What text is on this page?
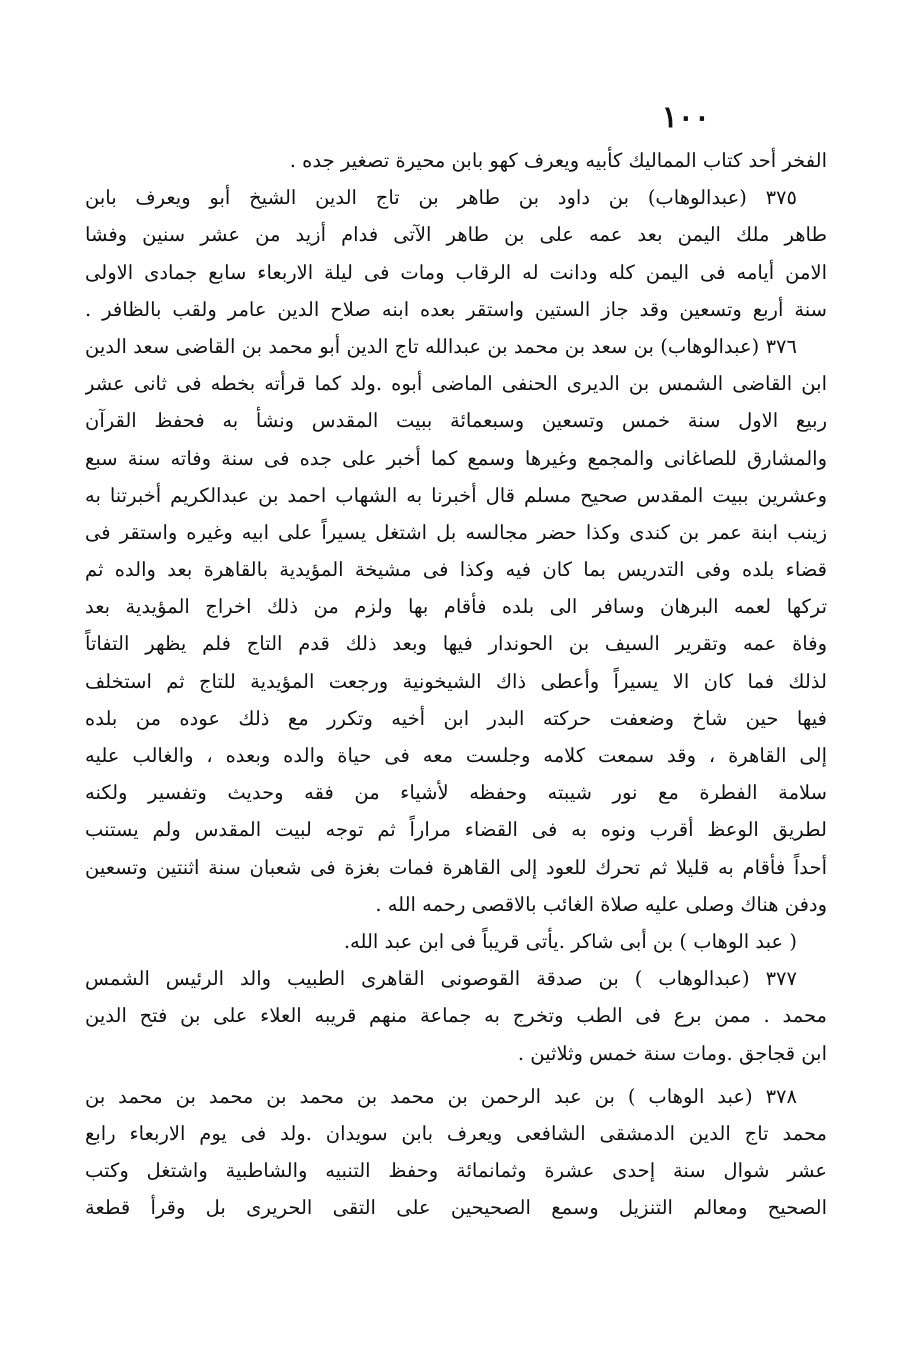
١٠٠
الفخر أحد كتاب المماليك كأبيه ويعرف كهو بابن محيرة تصغير جده .
٣٧٥ (عبدالوهاب) بن داود بن طاهر بن تاج الدين الشيخ أبو ويعرف بابن
طاهر ملك اليمن بعد عمه على بن طاهر الآتى فدام أزيد من عشر سنين وفشا
الامن أيامه فى اليمن كله ودانت له الرقاب ومات فى ليلة الاربعاء سابع جمادى الاولى
سنة أربع وتسعين وقد جاز الستين واستقر بعده ابنه صلاح الدين عامر ولقب بالظافر .
٣٧٦ (عبدالوهاب) بن سعد بن محمد بن عبدالله تاج الدين أبو محمد بن القاضى سعد الدين
ابن القاضى الشمس بن الديرى الحنفى الماضى أبوه .ولد كما قرأته بخطه فى ثانى عشر
ربيع الاول سنة خمس وتسعين وسبعمائة ببيت المقدس ونشأ به فحفظ القرآن
والمشارق للصاغانى والمجمع وغيرها وسمع كما أخبر على جده فى سنة وفاته سنة سبع
وعشرين ببيت المقدس صحيح مسلم قال أخبرنا به الشهاب احمد بن عبدالكريم أخبرتنا به
زينب ابنة عمر بن كندى وكذا حضر مجالسه بل اشتغل يسيراً على ابيه وغيره واستقر فى
قضاء بلده وفى التدريس بما كان فيه وكذا فى مشيخة المؤيدية بالقاهرة بعد والده ثم
تركها لعمه البرهان وسافر الى بلده فأقام بها ولزم من ذلك اخراج المؤيدية بعد
وفاة عمه وتقرير السيف بن الحوندار فيها وبعد ذلك قدم التاج فلم يظهر التفاتاً
لذلك فما كان الا يسيراً وأعطى ذاك الشيخونية ورجعت المؤيدية للتاج ثم استخلف
فيها حين شاخ وضعفت حركته البدر ابن أخيه وتكرر مع ذلك عوده من بلده
إلى القاهرة ، وقد سمعت كلامه وجلست معه فى حياة والده وبعده ، والغالب عليه
سلامة الفطرة مع نور شيبته وحفظه لأشياء من فقه وحديث وتفسير ولكنه
لطريق الوعظ أقرب ونوه به فى القضاء مراراً ثم توجه لبيت المقدس ولم يستنب
أحداً فأقام به قليلا ثم تحرك للعود إلى القاهرة فمات بغزة فى شعبان سنة اثنتين وتسعين
ودفن هناك وصلى عليه صلاة الغائب بالاقصى رحمه الله .
( عبد الوهاب ) بن أبى شاكر .يأتى قريباً فى ابن عبد الله.
٣٧٧ (عبدالوهاب ) بن صدقة القوصونى القاهرى الطبيب والد الرئيس الشمس
محمد . ممن برع فى الطب وتخرج به جماعة منهم قريبه العلاء على بن فتح الدين
ابن قجاجق .ومات سنة خمس وثلاثين .
٣٧٨ (عبد الوهاب ) بن عبد الرحمن بن محمد بن محمد بن محمد بن محمد بن
محمد تاج الدين الدمشقى الشافعى ويعرف بابن سويدان .ولد فى يوم الاربعاء رابع
عشر شوال سنة إحدى عشرة وثمانمائة وحفظ التنبيه والشاطبية واشتغل وكتب
الصحيح ومعالم التنزيل وسمع الصحيحين على التقى الحريرى بل وقرأ قطعة
